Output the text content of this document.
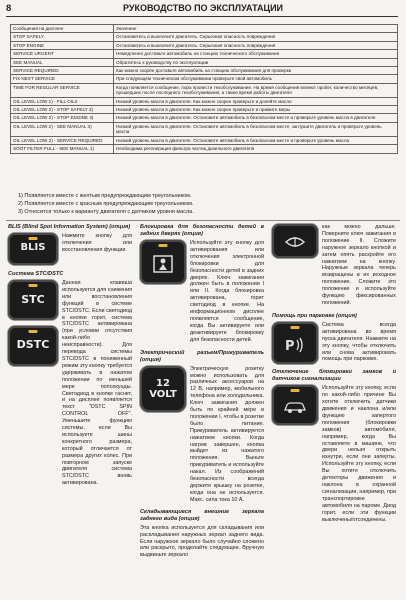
8	РУКОВОДСТВО ПО ЭКСПЛУАТАЦИИ
Сообщения на дисплее	Значение
STOP SAFELY	Остановитесь и выключите двигатель. Серьезная опасность повреждения
STOP ENGINE	Остановитесь и выключите двигатель. Серьезная опасность повреждения
SERVICE URGENT	Немедленно доставьте автомобиль на станцию технического обслуживания
SEE MANUAL	Обратитесь к руководству по эксплуатации
SERVICE REQUIRED	Как можно скорее доставьте автомобиль на станцию обслуживания для проверки
FIX NEXT SERVICE	При следующем техническом обслуживании проверьте свой автомобиль
TIME FOR REGULAR SERVICE	Когда появляется сообщение, пора провести техобслуживание. На время сообщения влияют пробег, количество месяцев, прошедших после последнего техобслуживания, а также время работы двигателя
OIL LEVEL LOW 1) - FILL OIL3	Низкий уровень масла в двигателе. Как можно скорее проверьте и долейте масло
OIL LEVEL LOW 2) - STOP SAFELY 3)	Низкий уровень масла в двигателе. Как можно скорее проверьте и примите меры
OIL LEVEL LOW 2) - STOP ENGINE 3)	Низкий уровень масла в двигателе. Остановите автомобиль в безопасном месте и проверьте уровень масла в двигателе
OIL LEVEL LOW 2) - SEE MANUAL 3)	Низкий уровень масла в двигателе. Остановите автомобиль в безопасном месте, заглушите двигатель и проверьте уровень масла
OIL LEVEL LOW 2) - SERVICE REQUIRED	Низкий уровень масла в двигателе. Остановите автомобиль в безопасном месте и проверьте уровень масла
SOOT FILTER FULL - SEE MANUAL 1)	Необходима регенерация фильтра частиц дизельного двигателя
1) Появляется вместе с желтым предупреждающим треугольником.
2) Появляется вместе с красным предупреждающим треугольником.
3) Относится только к варианту двигателя с датчиком уровня масла.
BLIS (Blind Spot Information System) (опция)
BLIS
Нажмите кнопку для отключения или восстановления функции.
Система STC/DSTC
STC
DSTC
Данная клавиша используется для снижения или восстановления функций в системе STC/DSTC. Если светодиод в кнопке горит, система STC/DSTC активирована (при условии отсутствия какой-либо неисправности). Для перевода системы STC/DSTC в пониженный режим эту кнопку требуется удерживать в нажатом положении по меньшей мере полсекунды. Светодиод в кнопке гаснет, и на дисплее появляется текст "DSTC SPIN CONTROL OFF". Уменьшите функцию системы, если Вы используете шины конкретного размера, который отличается от размера других колес. При повторном запуске двигателя система STC/DSTC вновь активирована.
Блокировка для безопасности детей в задних дверях (опция)
Используйте эту кнопку для активирования или отключения электронной блокировки для безопасности детей в задних дверях. Ключ зажигания должен быть в положении I или II. Когда блокировка активирована, горит светодиод в кнопке. На информационном дисплее появляется сообщение, когда Вы активируете или деактивируете блокировку для безопасности детей.
Электрический разъем/Прикуриватель (опция)
12
VOLT
Электрическую розетку можно использовать для различных аксессуаров на 12 В, например, мобильного телефона или холодильника. Ключ зажигания должен быть по крайней мере в положении I, чтобы в розетке было питание. Прикуриватель активируется нажатием кнопки. Когда нагрев завершен, кнопка выйдет из нажатого положения. Выньте прикуриватель и используйте накал. Из соображений безопасности всегда держите крышку на розетке, когда она не используется. Макс. сила тока 10 А.
Складывающиеся внешние зеркала заднего вида (опция)
Эта кнопка используется для складывания или раскладывания наружных зеркал заднего вида. Если наружное зеркало было случайно сложено или раскрыто, проделайте следующее. Вручную выдвиньте зеркало
как можно дальше. Поверните ключ зажигания в положение II. Сложите наружное зеркало кнопкой и затем опять раскройте его нажатием на кнопку. Наружные зеркала теперь возвращены в их исходное положение. Сложите это положение и используйте функцию фиксированных положений.
Помощь при парковке (опция)
P
Система всегда активирована во время пуска двигателя. Нажмите на эту кнопку, чтобы отключить или снова активировать помощь при парковке.
Отключение блокировки замков и датчиков сигнализации
Используйте эту кнопку, если по какой-либо причине Вы хотите отключить датчики движения и наклона и/или функцию запертого положения (блокировки замков) автомобиля, например, когда Вы оставляете в машине, что двери нельзя открыть изнутри, если они заперты. Используйте эту кнопку, если Вы хотите отключить детекторы движения и наклона в охранной сигнализации, например, при транспортировке автомобиля на пароме. Диод горит, если эти функции выключены/отсоединены.
